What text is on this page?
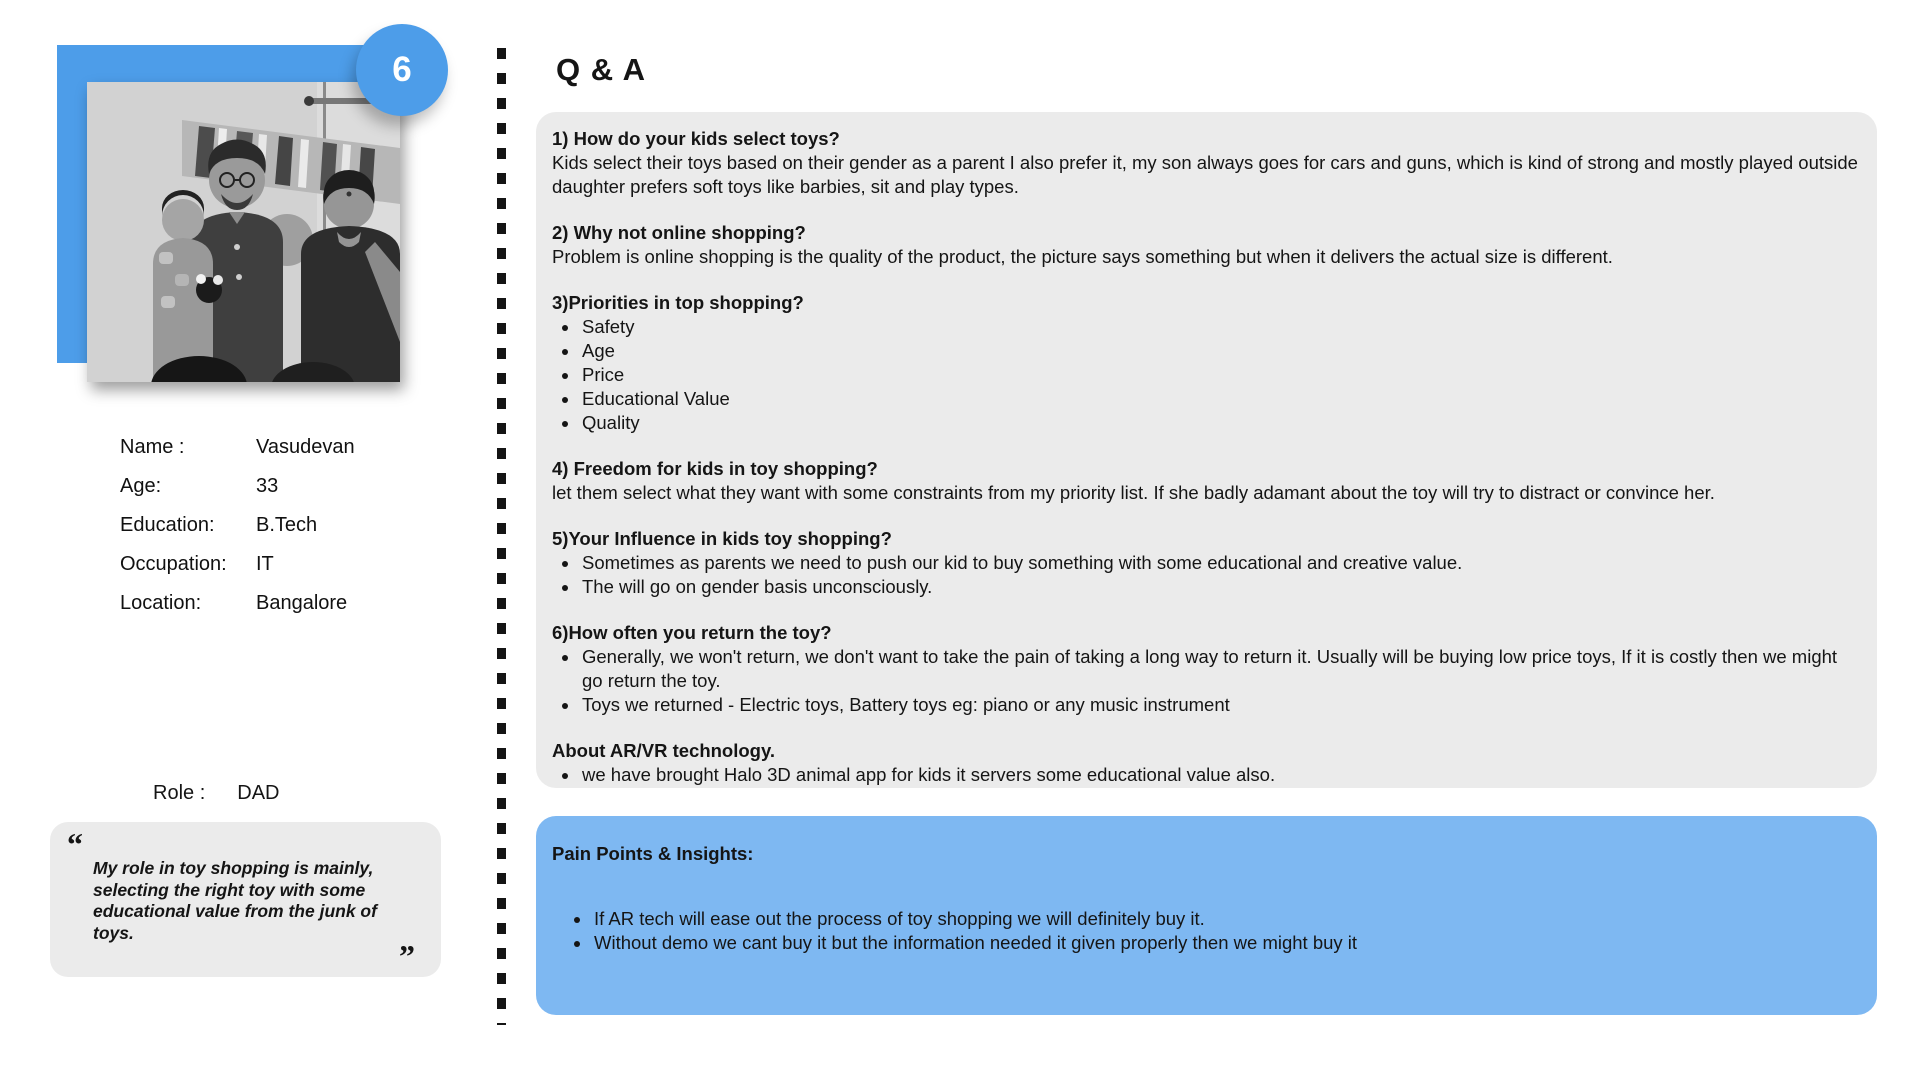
6
Name :	Vasudevan
Age:	33
Education:	B.Tech
Occupation:	IT
Location:	Bangalore
Role : DAD
“
My role in toy shopping is mainly,
selecting the right toy with some
educational value from the junk of toys.
”
Q & A
1) How do your kids select toys?
Kids select their toys based on their gender as a parent I also prefer it, my son always goes for cars and guns, which is kind of strong and mostly played outside daughter prefers soft toys like barbies, sit and play types.
2) Why not online shopping?
Problem is online shopping is the quality of the product, the picture says something but when it delivers the actual size is different.
3)Priorities in top shopping?
• Safety
• Age
• Price
• Educational Value
• Quality
4) Freedom for kids in toy shopping?
let them select what they want with some constraints from my priority list. If she badly adamant about the toy will try to distract or convince her.
5)Your Influence in kids toy shopping?
• Sometimes as parents we need to push our kid to buy something with some educational and creative value.
• The will go on gender basis unconsciously.
6)How often you return the toy?
• Generally, we won't return, we don't want to take the pain of taking a long way to return it. Usually will be buying low price toys, If it is costly then we might go return the toy.
• Toys we returned - Electric toys, Battery toys eg: piano or any music instrument
About AR/VR technology.
• we have brought Halo 3D animal app for kids it servers some educational value also.
Pain Points & Insights:
• If AR tech will ease out the process of toy shopping we will definitely buy it.
• Without demo we cant buy it but the information needed it given properly then we might buy it
